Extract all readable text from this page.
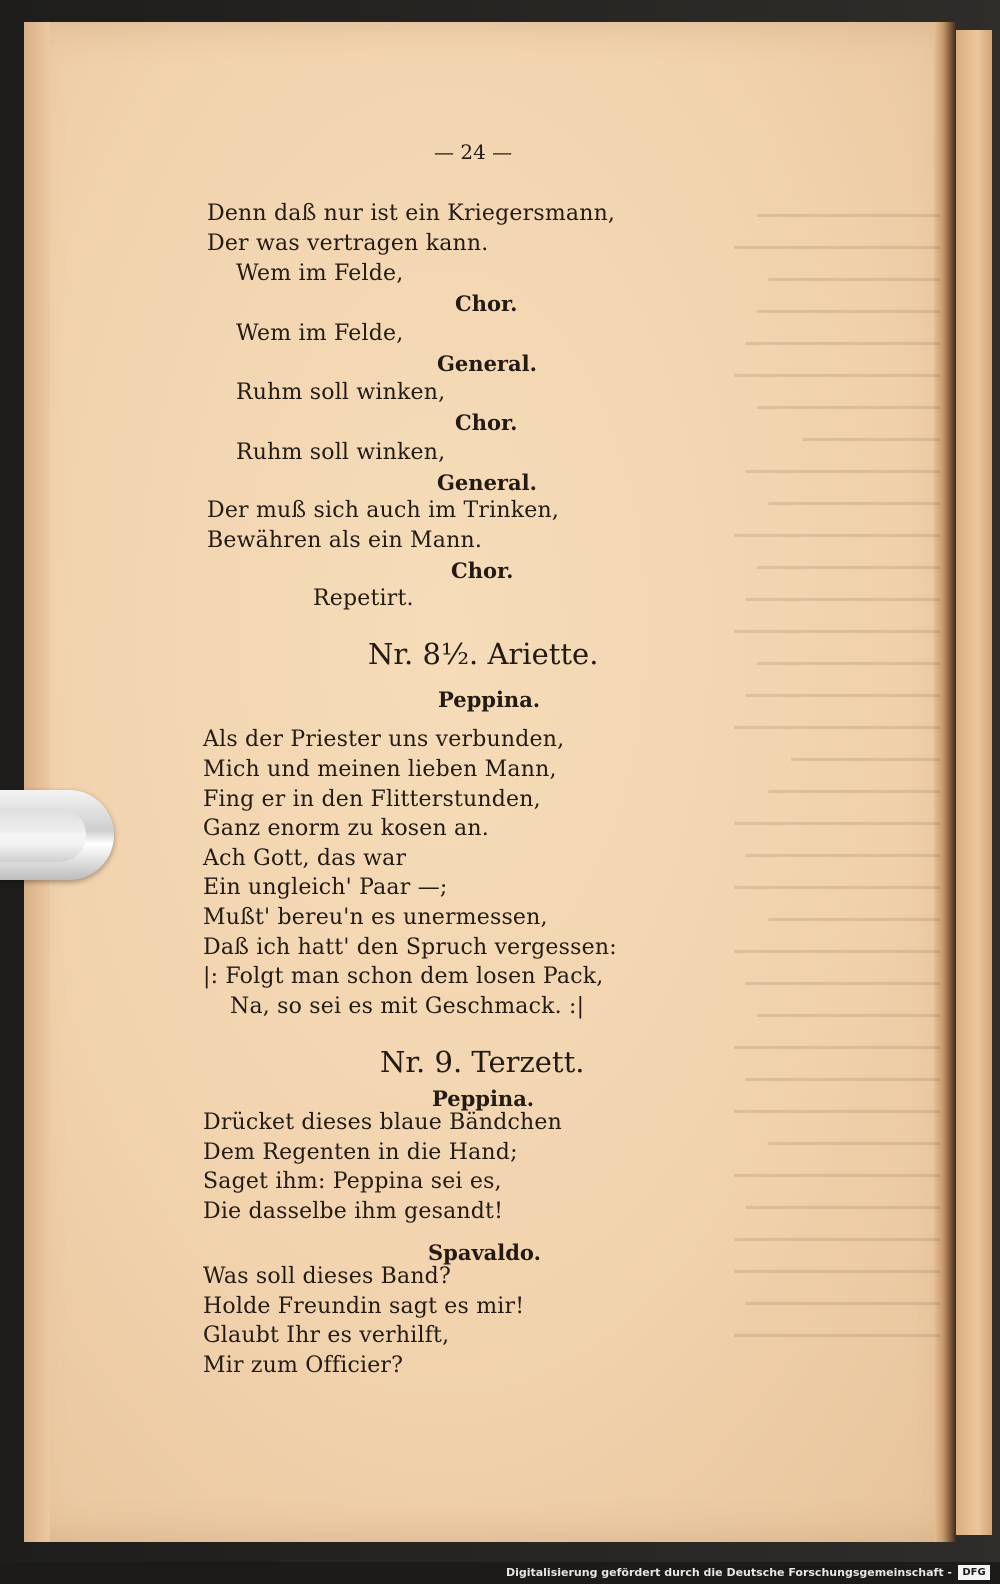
━━━━━━━━━━━━━━━━
━━━━━━━━━━━━━━━━━━
━━━━━━━━━━━━━━━
━━━━━━━━━━━━━━━━
━━━━━━━━━━━━━━━━━
━━━━━━━━━━━━━━━━━━
━━━━━━━━━━━━━━━━
━━━━━━━━━━━━
━━━━━━━━━━━━━━━━━
━━━━━━━━━━━━━━━
━━━━━━━━━━━━━━━━━━
━━━━━━━━━━━━━━━━
━━━━━━━━━━━━━━━━━
━━━━━━━━━━━━━━━━━━
━━━━━━━━━━━━━━━━
━━━━━━━━━━━━━━━━━
━━━━━━━━━━━━━━━━━━
━━━━━━━━━━━━━
━━━━━━━━━━━━━━━
━━━━━━━━━━━━━━━━━━
━━━━━━━━━━━━━━━━━
━━━━━━━━━━━━━━━━━━
━━━━━━━━━━━━━━━
━━━━━━━━━━━━━━━━━━
━━━━━━━━━━━━━━━━━
━━━━━━━━━━━━━━━━
━━━━━━━━━━━━━━━━━━
━━━━━━━━━━━━━━━━━
━━━━━━━━━━━━━━━━━━
━━━━━━━━━━━━━━━
━━━━━━━━━━━━━━━━━━
━━━━━━━━━━━━━━━━━
━━━━━━━━━━━━━━━━━━
━━━━━━━━━━━━━━━━━━
━━━━━━━━━━━━━━━━━
━━━━━━━━━━━━━━━━━━
— 24 —
Denn daß nur ist ein Kriegersmann,
Der was vertragen kann.
Wem im Felde,
Chor.
Wem im Felde,
General.
Ruhm soll winken,
Chor.
Ruhm soll winken,
General.
Der muß sich auch im Trinken,
Bewähren als ein Mann.
Chor.
Repetirt.
Nr. 8½. Ariette.
Peppina.
Als der Priester uns verbunden,
Mich und meinen lieben Mann,
Fing er in den Flitterstunden,
Ganz enorm zu kosen an.
Ach Gott, das war
Ein ungleich' Paar —;
Mußt' bereu'n es unermessen,
Daß ich hatt' den Spruch vergessen:
|: Folgt man schon dem losen Pack,
Na, so sei es mit Geschmack. :|
Nr. 9. Terzett.
Peppina.
Drücket dieses blaue Bändchen
Dem Regenten in die Hand;
Saget ihm: Peppina sei es,
Die dasselbe ihm gesandt!
Spavaldo.
Was soll dieses Band?
Holde Freundin sagt es mir!
Glaubt Ihr es verhilft,
Mir zum Officier?
Digitalisierung gefördert durch die Deutsche Forschungsgemeinschaft -	DFG
